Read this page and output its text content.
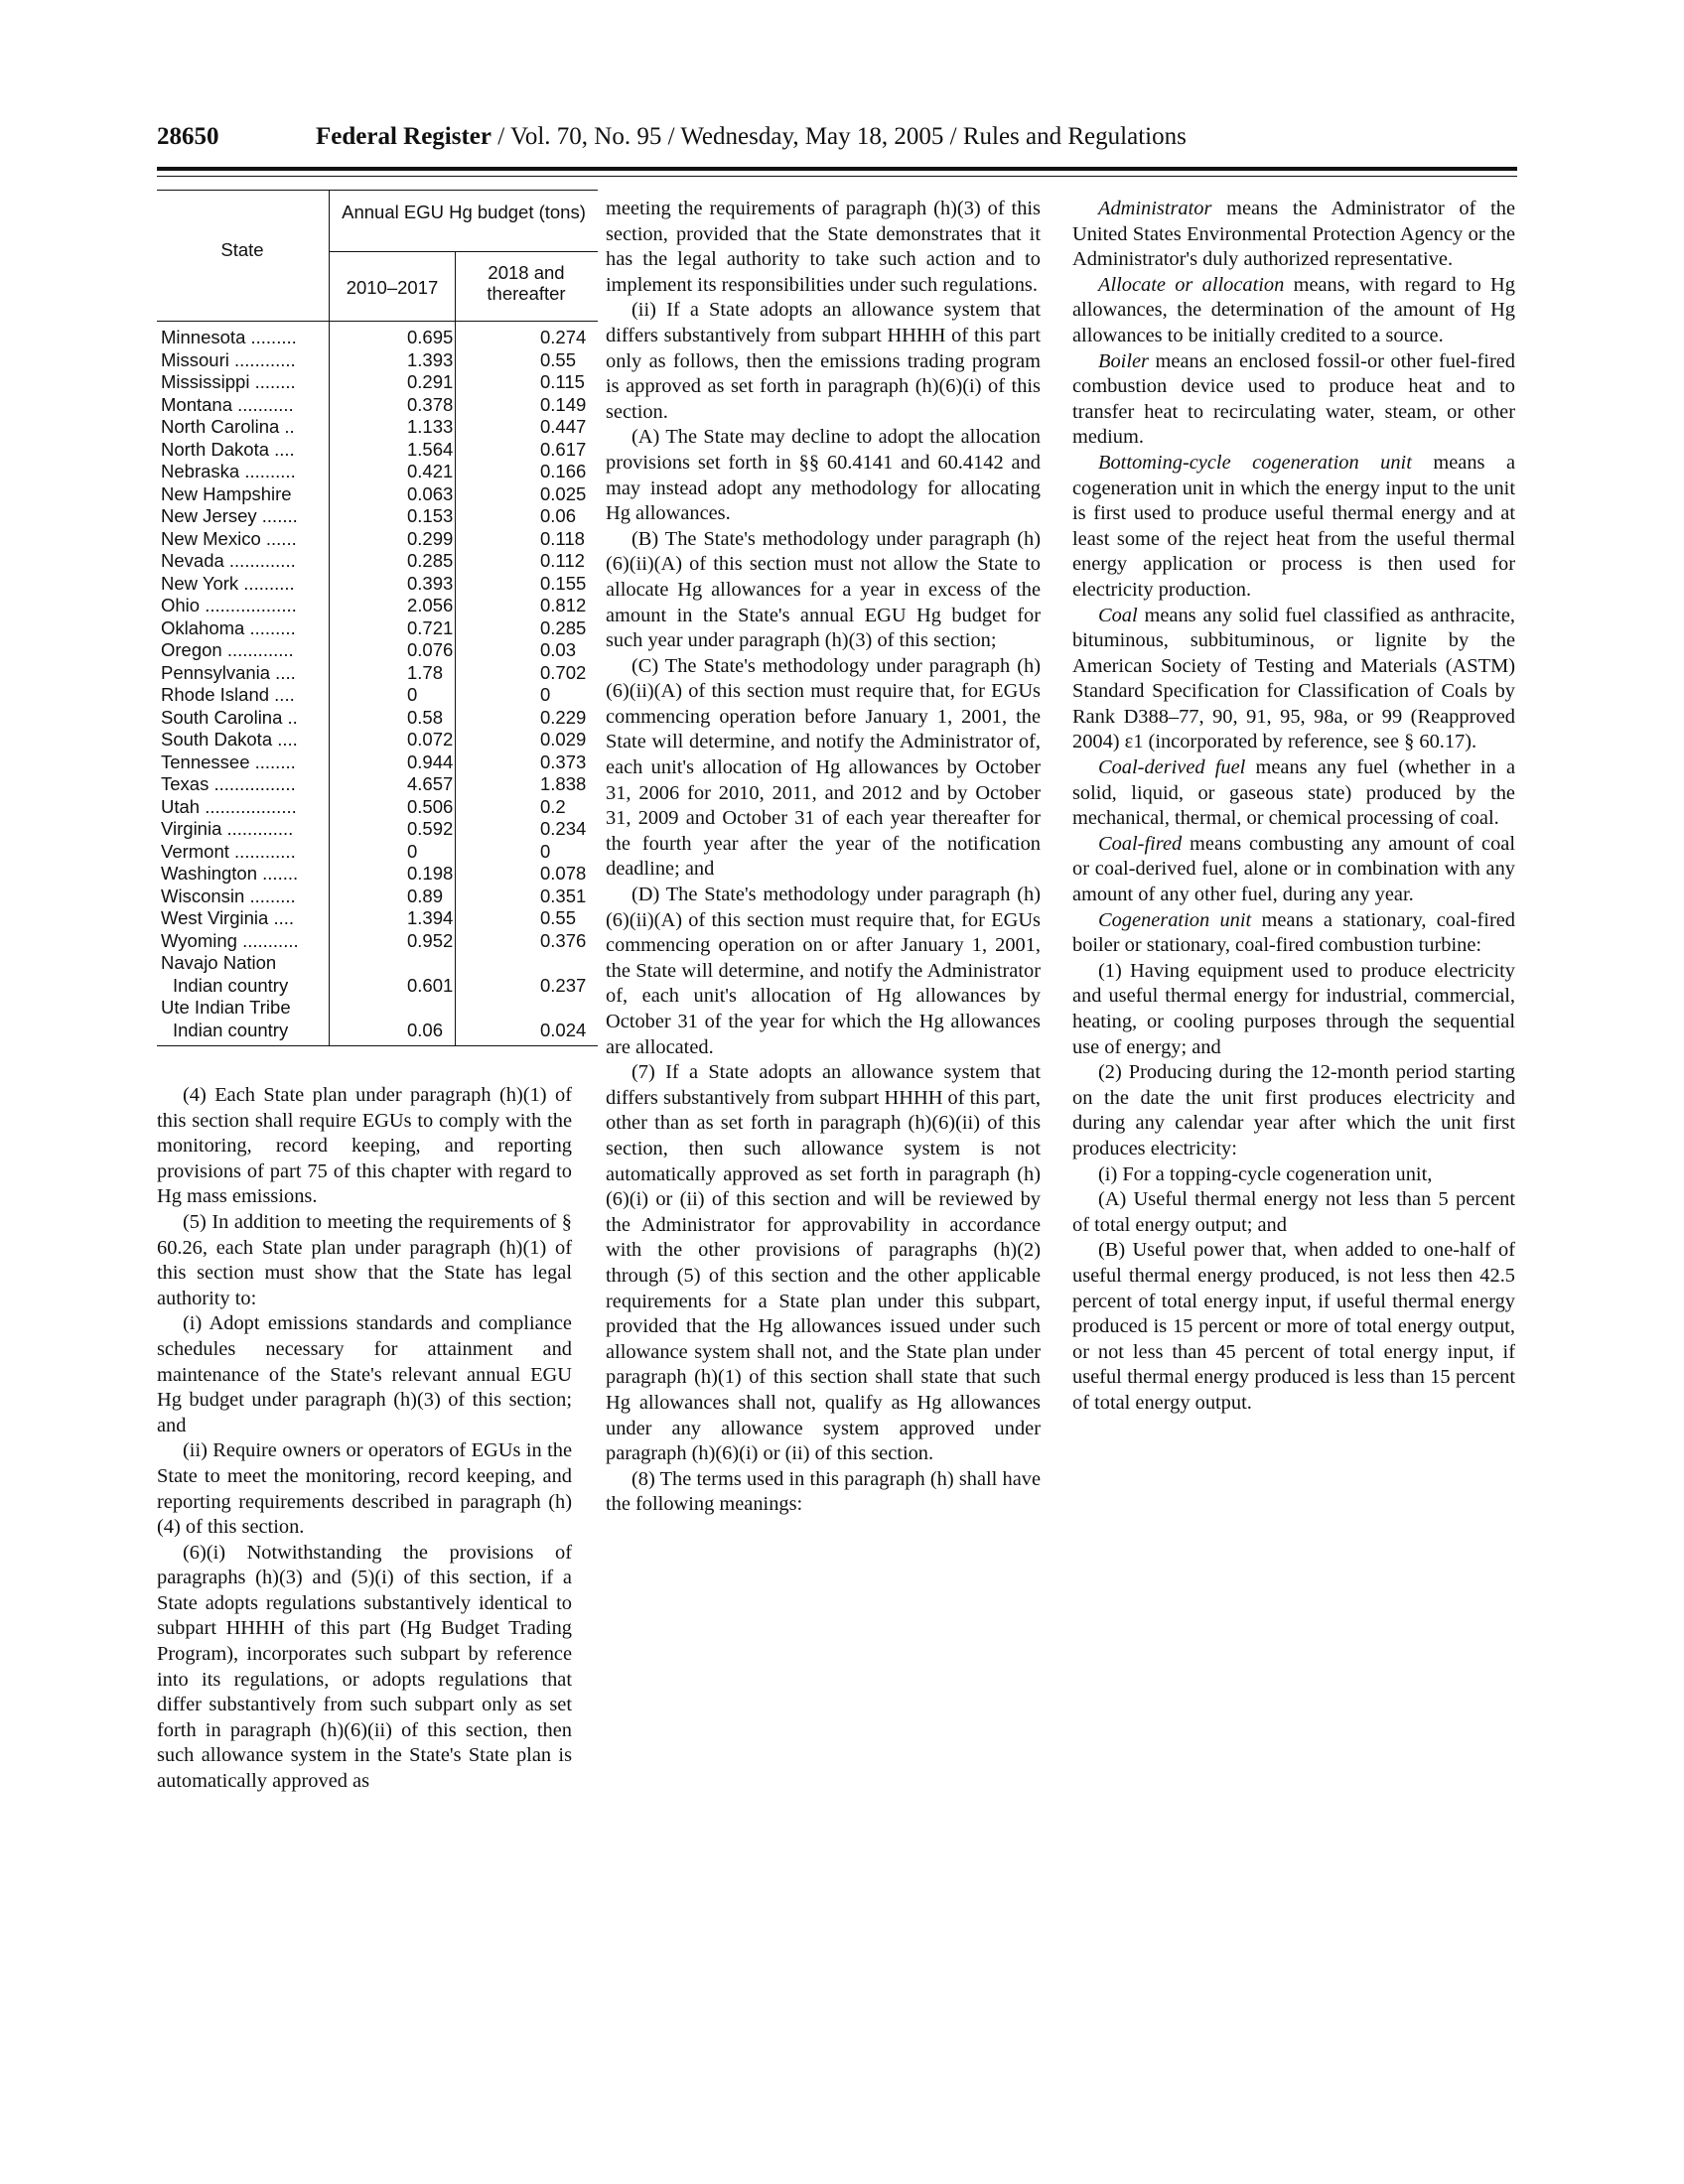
28650	Federal Register / Vol. 70, No. 95 / Wednesday, May 18, 2005 / Rules and Regulations
State
Annual EGU Hg budget (tons)
2010–2017
2018 and thereafter
Minnesota .........	0.695	0.274
Missouri ............	1.393	0.55
Mississippi ........	0.291	0.115
Montana ...........	0.378	0.149
North Carolina ..	1.133	0.447
North Dakota ....	1.564	0.617
Nebraska ..........	0.421	0.166
New Hampshire	0.063	0.025
New Jersey .......	0.153	0.06
New Mexico ......	0.299	0.118
Nevada .............	0.285	0.112
New York ..........	0.393	0.155
Ohio ..................	2.056	0.812
Oklahoma .........	0.721	0.285
Oregon .............	0.076	0.03
Pennsylvania ....	1.78	0.702
Rhode Island ....	0	0
South Carolina ..	0.58	0.229
South Dakota ....	0.072	0.029
Tennessee ........	0.944	0.373
Texas ................	4.657	1.838
Utah ..................	0.506	0.2
Virginia .............	0.592	0.234
Vermont ............	0	0
Washington .......	0.198	0.078
Wisconsin .........	0.89	0.351
West Virginia ....	1.394	0.55
Wyoming ...........	0.952	0.376
Navajo Nation
Indian country	0.601	0.237
Ute Indian Tribe
Indian country	0.06	0.024

(4) Each State plan under paragraph (h)(1) of this section shall require EGUs to comply with the monitoring, record keeping, and reporting provisions of part 75 of this chapter with regard to Hg mass emissions.

(5) In addition to meeting the requirements of § 60.26, each State plan under paragraph (h)(1) of this section must show that the State has legal authority to:

(i) Adopt emissions standards and compliance schedules necessary for attainment and maintenance of the State's relevant annual EGU Hg budget under paragraph (h)(3) of this section; and

(ii) Require owners or operators of EGUs in the State to meet the monitoring, record keeping, and reporting requirements described in paragraph (h)(4) of this section.

(6)(i) Notwithstanding the provisions of paragraphs (h)(3) and (5)(i) of this section, if a State adopts regulations substantively identical to subpart HHHH of this part (Hg Budget Trading Program), incorporates such subpart by reference into its regulations, or adopts regulations that differ substantively from such subpart only as set forth in paragraph (h)(6)(ii) of this section, then such allowance system in the State's State plan is automatically approved as

meeting the requirements of paragraph (h)(3) of this section, provided that the State demonstrates that it has the legal authority to take such action and to implement its responsibilities under such regulations.

(ii) If a State adopts an allowance system that differs substantively from subpart HHHH of this part only as follows, then the emissions trading program is approved as set forth in paragraph (h)(6)(i) of this section.

(A) The State may decline to adopt the allocation provisions set forth in §§ 60.4141 and 60.4142 and may instead adopt any methodology for allocating Hg allowances.

(B) The State's methodology under paragraph (h)(6)(ii)(A) of this section must not allow the State to allocate Hg allowances for a year in excess of the amount in the State's annual EGU Hg budget for such year under paragraph (h)(3) of this section;

(C) The State's methodology under paragraph (h)(6)(ii)(A) of this section must require that, for EGUs commencing operation before January 1, 2001, the State will determine, and notify the Administrator of, each unit's allocation of Hg allowances by October 31, 2006 for 2010, 2011, and 2012 and by October 31, 2009 and October 31 of each year thereafter for the fourth year after the year of the notification deadline; and

(D) The State's methodology under paragraph (h)(6)(ii)(A) of this section must require that, for EGUs commencing operation on or after January 1, 2001, the State will determine, and notify the Administrator of, each unit's allocation of Hg allowances by October 31 of the year for which the Hg allowances are allocated.

(7) If a State adopts an allowance system that differs substantively from subpart HHHH of this part, other than as set forth in paragraph (h)(6)(ii) of this section, then such allowance system is not automatically approved as set forth in paragraph (h)(6)(i) or (ii) of this section and will be reviewed by the Administrator for approvability in accordance with the other provisions of paragraphs (h)(2) through (5) of this section and the other applicable requirements for a State plan under this subpart, provided that the Hg allowances issued under such allowance system shall not, and the State plan under paragraph (h)(1) of this section shall state that such Hg allowances shall not, qualify as Hg allowances under any allowance system approved under paragraph (h)(6)(i) or (ii) of this section.

(8) The terms used in this paragraph (h) shall have the following meanings:

Administrator means the Administrator of the United States Environmental Protection Agency or the Administrator's duly authorized representative.

Allocate or allocation means, with regard to Hg allowances, the determination of the amount of Hg allowances to be initially credited to a source.

Boiler means an enclosed fossil-or other fuel-fired combustion device used to produce heat and to transfer heat to recirculating water, steam, or other medium.

Bottoming-cycle cogeneration unit means a cogeneration unit in which the energy input to the unit is first used to produce useful thermal energy and at least some of the reject heat from the useful thermal energy application or process is then used for electricity production.

Coal means any solid fuel classified as anthracite, bituminous, subbituminous, or lignite by the American Society of Testing and Materials (ASTM) Standard Specification for Classification of Coals by Rank D388–77, 90, 91, 95, 98a, or 99 (Reapproved 2004) ε1 (incorporated by reference, see § 60.17).

Coal-derived fuel means any fuel (whether in a solid, liquid, or gaseous state) produced by the mechanical, thermal, or chemical processing of coal.

Coal-fired means combusting any amount of coal or coal-derived fuel, alone or in combination with any amount of any other fuel, during any year.

Cogeneration unit means a stationary, coal-fired boiler or stationary, coal-fired combustion turbine:

(1) Having equipment used to produce electricity and useful thermal energy for industrial, commercial, heating, or cooling purposes through the sequential use of energy; and

(2) Producing during the 12-month period starting on the date the unit first produces electricity and during any calendar year after which the unit first produces electricity:

(i) For a topping-cycle cogeneration unit,

(A) Useful thermal energy not less than 5 percent of total energy output; and

(B) Useful power that, when added to one-half of useful thermal energy produced, is not less then 42.5 percent of total energy input, if useful thermal energy produced is 15 percent or more of total energy output, or not less than 45 percent of total energy input, if useful thermal energy produced is less than 15 percent of total energy output.
